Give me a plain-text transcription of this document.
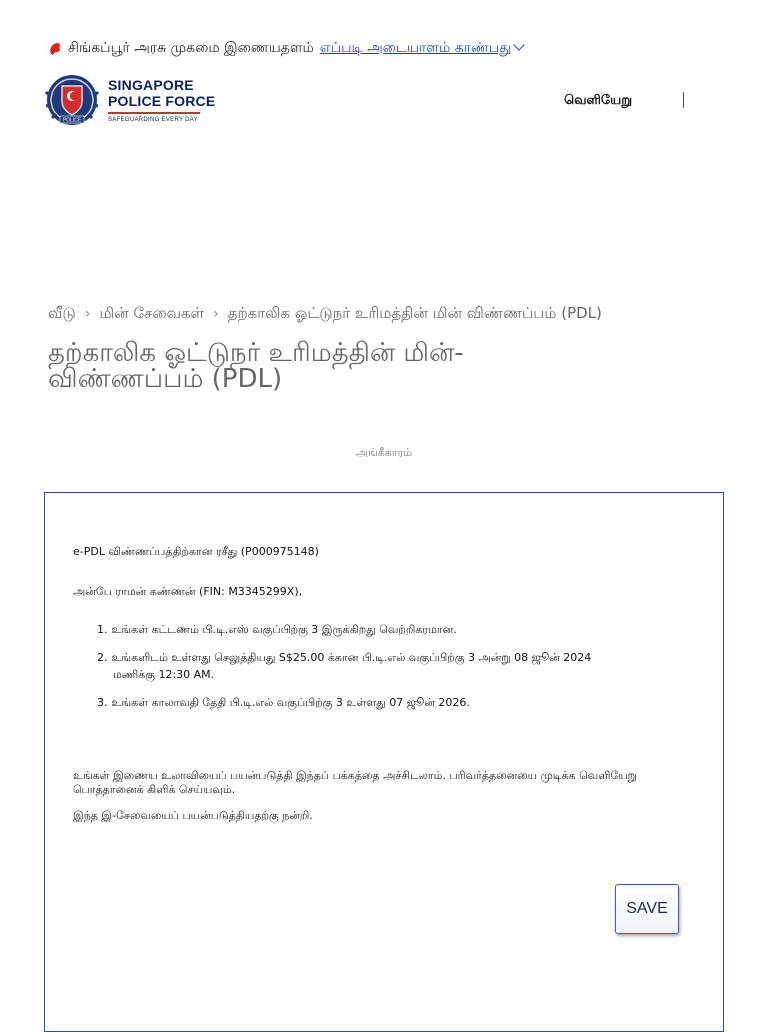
சிங்கப்பூர் அரசு முகமை இணையதளம் எப்படி அடையாளம் காண்பது
POLICE
SINGAPORE
POLICE FORCE
SAFEGUARDING EVERY DAY
வெளியேறு
வீடு › மின் சேவைகள் › தற்காலிக ஓட்டுநர் உரிமத்தின் மின் விண்ணப்பம் (PDL)
தற்காலிக ஓட்டுநர் உரிமத்தின் மின்-
விண்ணப்பம் (PDL)
அங்கீகாரம்
e-PDL விண்ணப்பத்திற்கான ரசீது (P000975148)
அன்பே ராமன் கண்ணன் (FIN: M3345299X),
1. உங்கள் கட்டணம் பி.டி.எஸ் வகுப்பிற்கு 3 இருக்கிறது வெற்றிகரமான.
2. உங்களிடம் உள்ளது செலுத்தியது S$25.00 க்கான பி.டி.எல் வகுப்பிற்கு 3 அன்று 08 ஜூன் 2024
மணிக்கு 12:30 AM.
3. உங்கள் காலாவதி தேதி பி.டி.எல் வகுப்பிற்கு 3 உள்ளது 07 ஜூன் 2026.

உங்கள் இணைய உலாவியைப் பயன்படுத்தி இந்தப் பக்கத்தை அச்சிடலாம். பரிவர்த்தனையை முடிக்க வெளியேறு பொத்தானைக் கிளிக் செய்யவும்.

இந்த இ-சேவையைப் பயன்படுத்தியதற்கு நன்றி.
SAVE
